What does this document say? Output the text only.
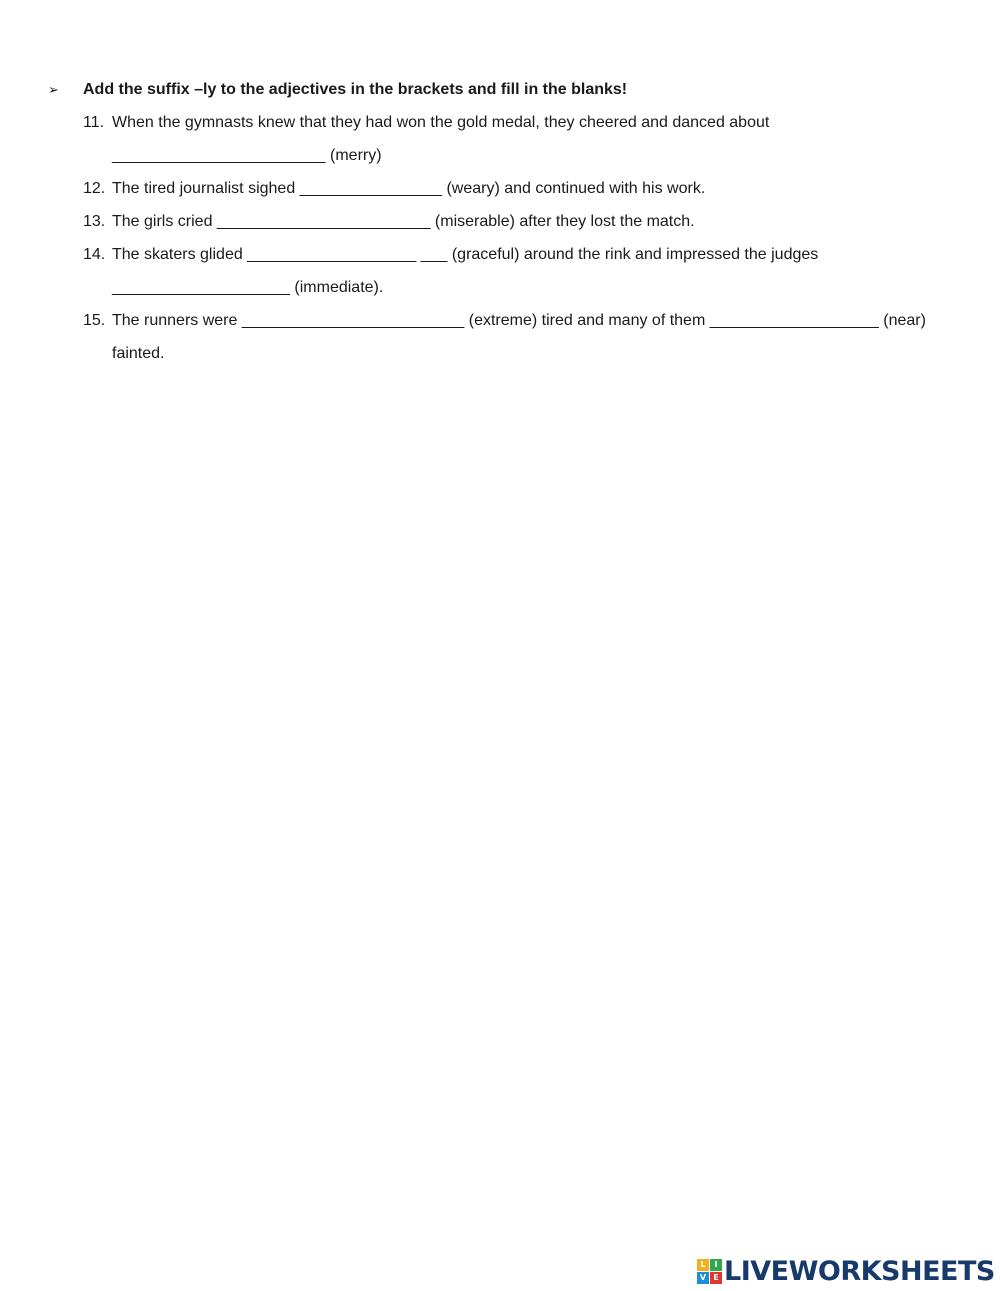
➢ Add the suffix –ly to the adjectives in the brackets and fill in the blanks!
11. When the gymnasts knew that they had won the gold medal, they cheered and danced about
________________________ (merry)
12. The tired journalist sighed ________________ (weary) and continued with his work.
13. The girls cried ________________________ (miserable) after they lost the match.
14. The skaters glided ___________________ ___ (graceful) around the rink and impressed the judges
____________________ (immediate).
15. The runners were _________________________ (extreme) tired and many of them ___________________ (near)
fainted.
L	I
V E LIVEWORKSHEETS
